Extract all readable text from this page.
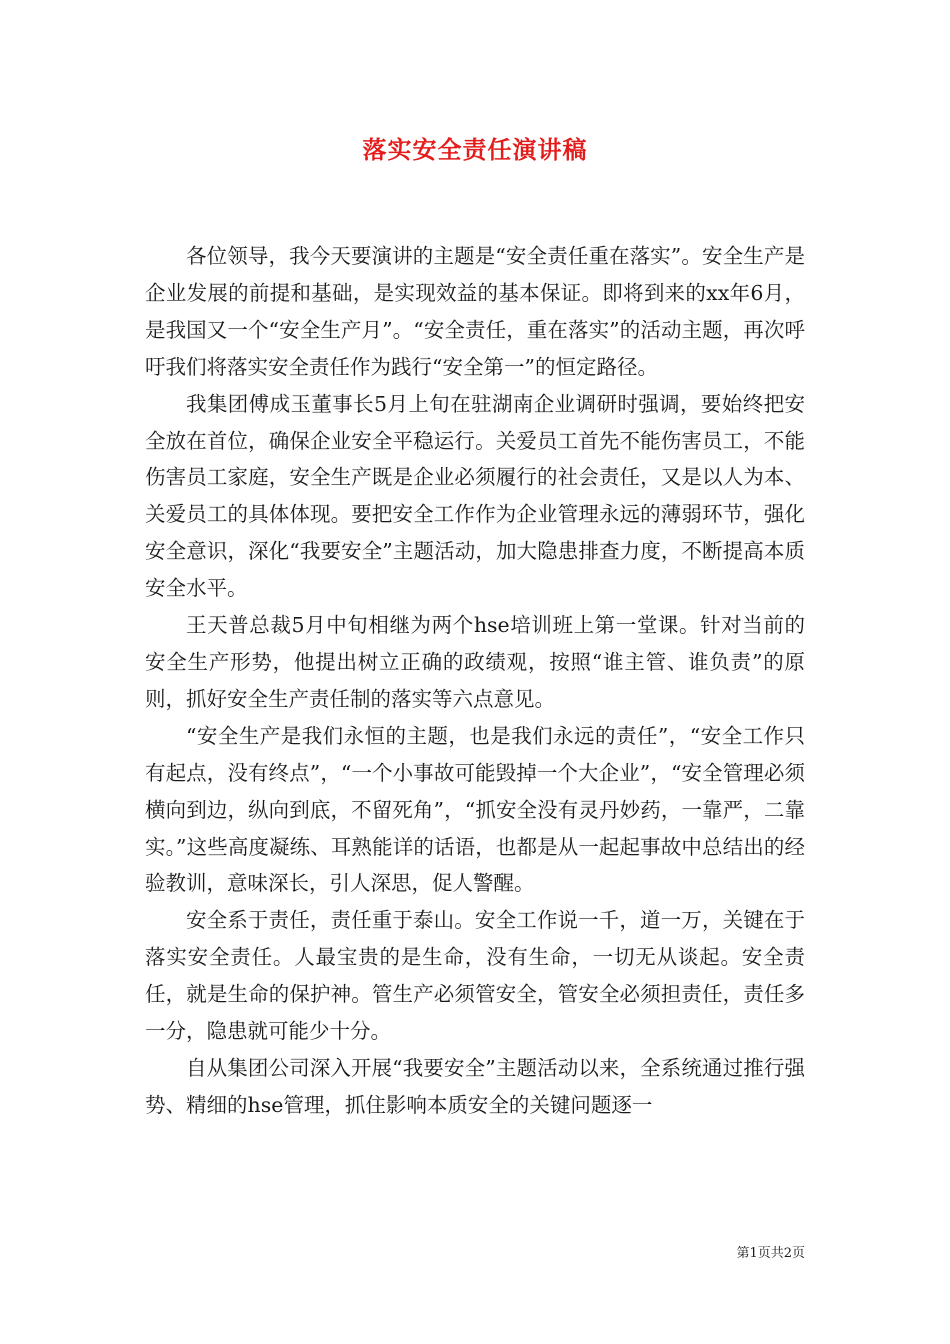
落实安全责任演讲稿

各位领导，我今天要演讲的主题是“安全责任重在落实”。安全生产是企业发展的前提和基础，是实现效益的基本保证。即将到来的xx年6月，是我国又一个“安全生产月”。“安全责任，重在落实”的活动主题，再次呼吁我们将落实安全责任作为践行“安全第一”的恒定路径。

我集团傅成玉董事长5月上旬在驻湖南企业调研时强调，要始终把安全放在首位，确保企业安全平稳运行。关爱员工首先不能伤害员工，不能伤害员工家庭，安全生产既是企业必须履行的社会责任，又是以人为本、关爱员工的具体体现。要把安全工作作为企业管理永远的薄弱环节，强化安全意识，深化“我要安全”主题活动，加大隐患排查力度，不断提高本质安全水平。

王天普总裁5月中旬相继为两个hse培训班上第一堂课。针对当前的安全生产形势，他提出树立正确的政绩观，按照“谁主管、谁负责”的原则，抓好安全生产责任制的落实等六点意见。

“安全生产是我们永恒的主题，也是我们永远的责任”，“安全工作只有起点，没有终点”，“一个小事故可能毁掉一个大企业”，“安全管理必须横向到边，纵向到底，不留死角”，“抓安全没有灵丹妙药，一靠严，二靠实。”这些高度凝练、耳熟能详的话语，也都是从一起起事故中总结出的经验教训，意味深长，引人深思，促人警醒。

安全系于责任，责任重于泰山。安全工作说一千，道一万，关键在于落实安全责任。人最宝贵的是生命，没有生命，一切无从谈起。安全责任，就是生命的保护神。管生产必须管安全，管安全必须担责任，责任多一分，隐患就可能少十分。

自从集团公司深入开展“我要安全”主题活动以来，全系统通过推行强势、精细的hse管理，抓住影响本质安全的关键问题逐一

第1页共2页
